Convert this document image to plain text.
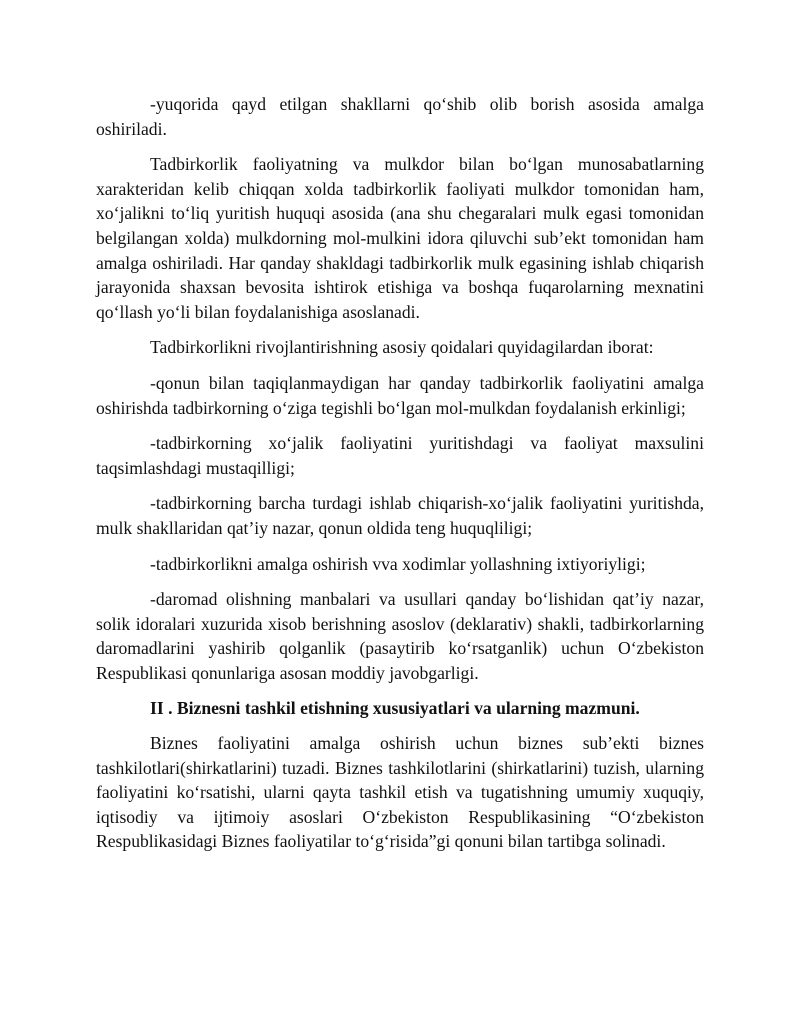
-yuqorida qayd etilgan shakllarni qo‘shib olib borish asosida amalga oshiriladi.

Tadbirkorlik faoliyatning va mulkdor bilan bo‘lgan munosabatlarning xarakteridan kelib chiqqan xolda tadbirkorlik faoliyati mulkdor tomonidan ham, xo‘jalikni to‘liq yuritish huquqi asosida (ana shu chegaralari mulk egasi tomonidan belgilangan xolda) mulkdorning mol-mulkini idora qiluvchi sub’ekt tomonidan ham amalga oshiriladi. Har qanday shakldagi tadbirkorlik mulk egasining ishlab chiqarish jarayonida shaxsan bevosita ishtirok etishiga va boshqa fuqarolarning mexnatini qo‘llash yo‘li bilan foydalanishiga asoslanadi.

Tadbirkorlikni rivojlantirishning asosiy qoidalari quyidagilardan iborat:

-qonun bilan taqiqlanmaydigan har qanday tadbirkorlik faoliyatini amalga oshirishda tadbirkorning o‘ziga tegishli bo‘lgan mol-mulkdan foydalanish erkinligi;

-tadbirkorning xo‘jalik faoliyatini yuritishdagi va faoliyat maxsulini taqsimlashdagi mustaqilligi;

-tadbirkorning barcha turdagi ishlab chiqarish-xo‘jalik faoliyatini yuritishda, mulk shakllaridan qat’iy nazar, qonun oldida teng huquqliligi;

-tadbirkorlikni amalga oshirish vva xodimlar yollashning ixtiyoriyligi;

-daromad olishning manbalari va usullari qanday bo‘lishidan qat’iy nazar, solik idoralari xuzurida xisob berishning asoslov (deklarativ) shakli, tadbirkorlarning daromadlarini yashirib qolganlik (pasaytirib ko‘rsatganlik) uchun O‘zbekiston Respublikasi qonunlariga asosan moddiy javobgarligi.

II . Biznesni tashkil etishning xususiyatlari va ularning mazmuni.

Biznes faoliyatini amalga oshirish uchun biznes sub’ekti biznes tashkilotlari(shirkatlarini) tuzadi. Biznes tashkilotlarini (shirkatlarini) tuzish, ularning faoliyatini ko‘rsatishi, ularni qayta tashkil etish va tugatishning umumiy xuquqiy, iqtisodiy va ijtimoiy asoslari O‘zbekiston Respublikasining “O‘zbekiston Respublikasidagi Biznes faoliyatilar to‘g‘risida”gi qonuni bilan tartibga solinadi.
